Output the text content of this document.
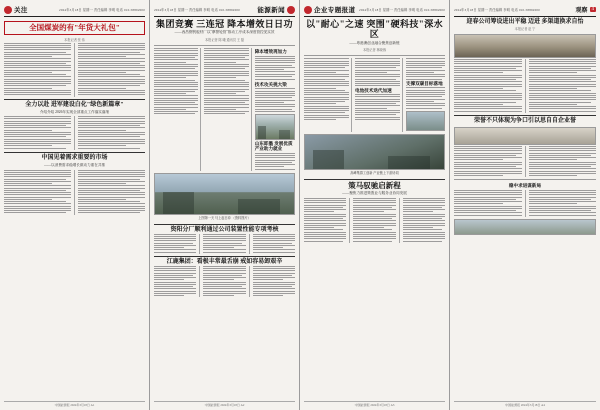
关注	2024年3月18日 星期一 责任编辑 李明 电话 010-58892000
全国煤炭的有"年货大礼包"
本报记者 张 伟
全力以赴 进军建设白化"绿色新篇章"
介绍介绍 2026年实现全部重点工作落实落细
中国见着需求重要的市场
——以消费需求稳增长做动力重在共推
中国能源报 2024年3月18日 A1
2024年3月18日 星期一 责任编辑 李明 电话 010-58892000	能源新闻
集团竞赛 三连冠 降本增效日日功
——西昌钢钒板材厂以"摩擦轮管"推动工序成本深度管控见实效
本报记者 陈 曦 通讯员 王 磊
降本增效再加力
技术攻关挑大梁
山东即墨 发展优质产业助力就业
上图第一天 马上起日冲 （资料图片）
资阳分厂顺利通过公司装置性能专项考核
江鹿集团：看极丰常最舌崩 戒如容易卸艰辛
中国能源报 2024年3月18日 A2
企业专题报道 2024年3月18日 星期一 责任编辑 李明 电话 010-58892000
以"耐心"之速 突围"硬科技"深水区
——粤港澳创业融合聚焦创新链
本报记者 林晓蓉
电池技术迭代加速
支撑双碳目标落地
高峰集群工创新 产业链上下游协同
策马驭驰启新程
——聚焦力推进策胜业与服务业协同发展
中国能源报 2024年3月18日 A3
2024年3月18日 星期一 责任编辑 李明 电话 010-58892000	观察 4
迎春公司筹设进出平稳 迈进 多渠道换求自怡
本报记者 赵 宁
荣誉不只体现为争口引以思自自企业誉
稳中求进谋新局
中国能源报 2024年3月18日 A4
